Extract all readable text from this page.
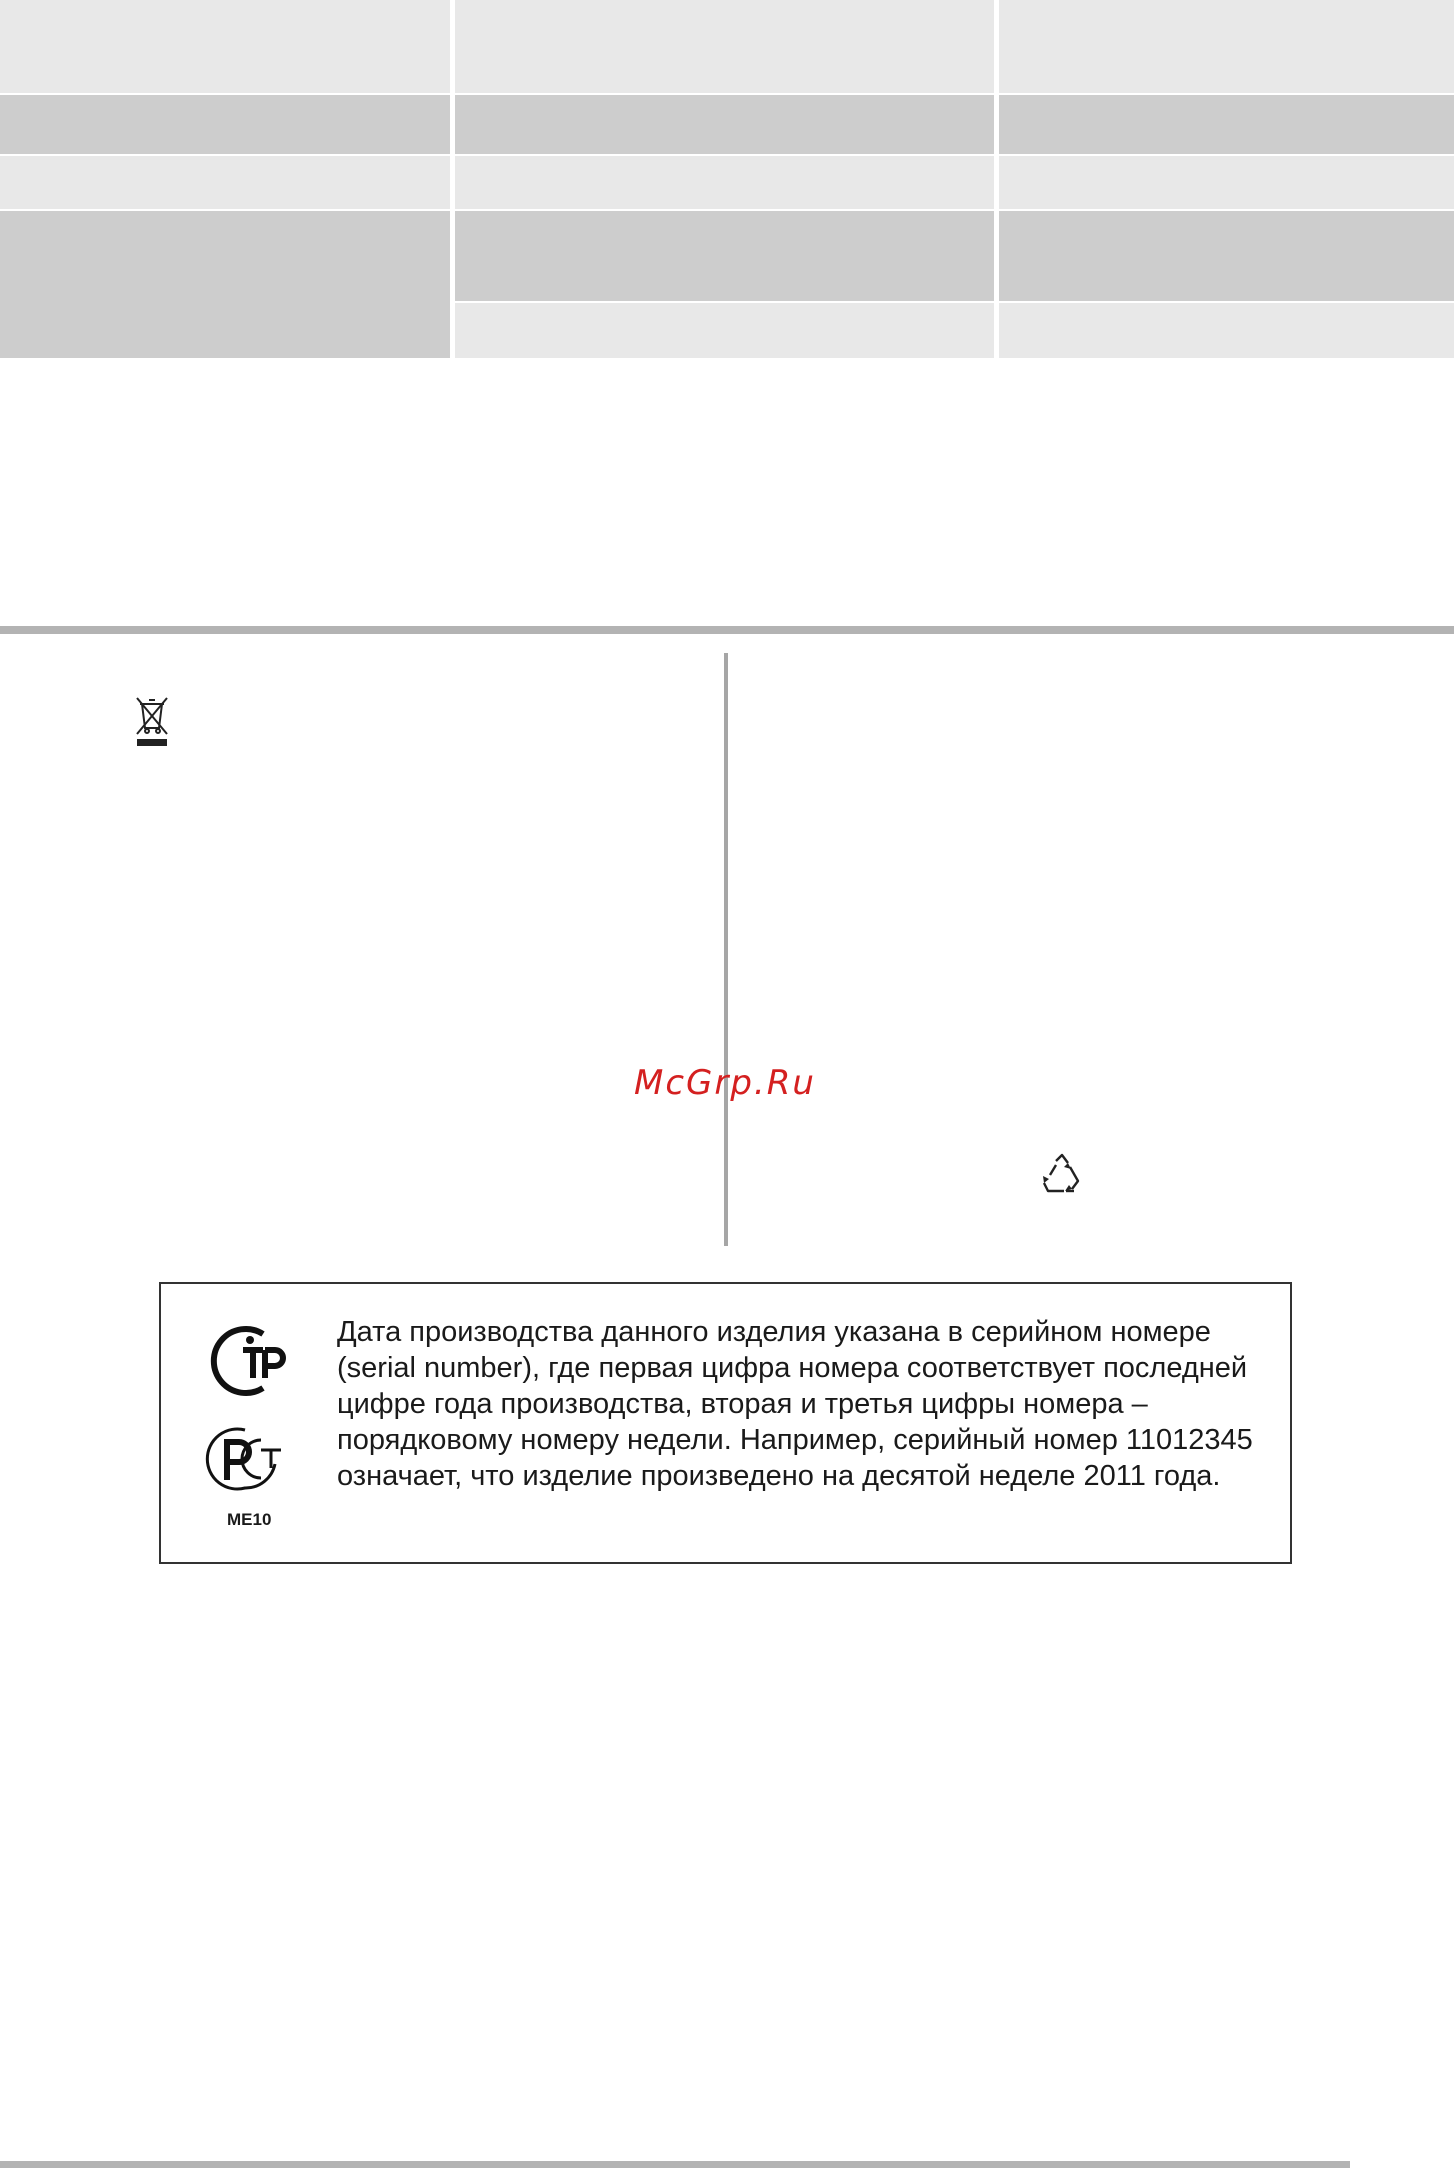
McGrp.Ru
ME10
Дата производства данного изделия указана в серийном номере (serial number), где первая цифра номера соответствует последней цифре года производства, вторая и третья цифры номера – порядковому номеру недели. Например, серийный номер 11012345 означает, что изделие произведено на десятой неделе 2011 года.
